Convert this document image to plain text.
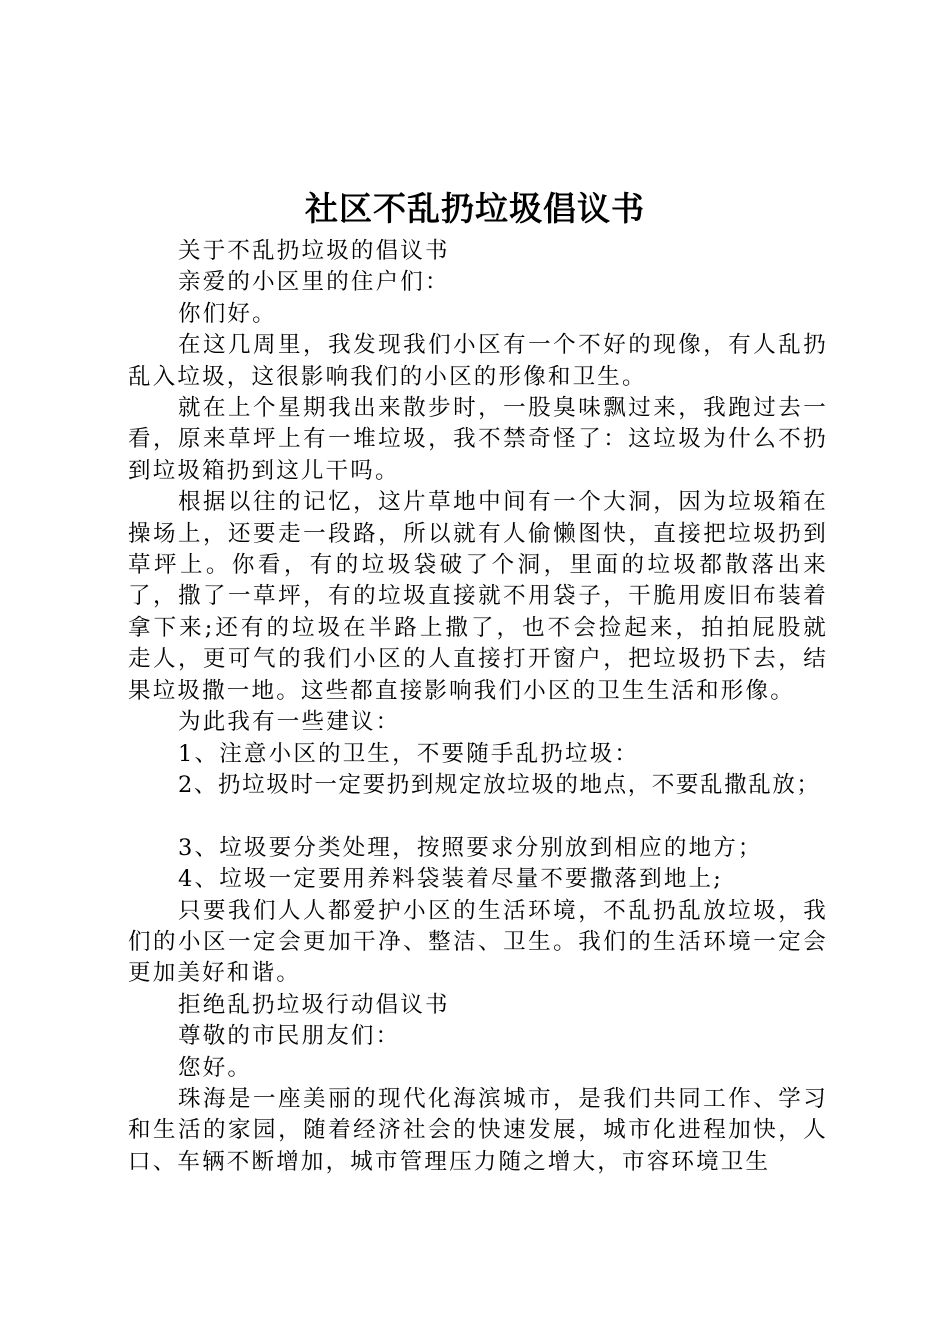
社区不乱扔垃圾倡议书

关于不乱扔垃圾的倡议书

亲爱的小区里的住户们：

你们好。

在这几周里，我发现我们小区有一个不好的现像，有人乱扔乱入垃圾，这很影响我们的小区的形像和卫生。

就在上个星期我出来散步时，一股臭味飘过来，我跑过去一看，原来草坪上有一堆垃圾，我不禁奇怪了：这垃圾为什么不扔到垃圾箱扔到这儿干吗。

根据以往的记忆，这片草地中间有一个大洞，因为垃圾箱在操场上，还要走一段路，所以就有人偷懒图快，直接把垃圾扔到草坪上。你看，有的垃圾袋破了个洞，里面的垃圾都散落出来了，撒了一草坪，有的垃圾直接就不用袋子，干脆用废旧布装着拿下来;还有的垃圾在半路上撒了，也不会捡起来，拍拍屁股就走人，更可气的我们小区的人直接打开窗户，把垃圾扔下去，结果垃圾撒一地。这些都直接影响我们小区的卫生生活和形像。

为此我有一些建议：

1、注意小区的卫生，不要随手乱扔垃圾：

2、扔垃圾时一定要扔到规定放垃圾的地点，不要乱撒乱放；

3、垃圾要分类处理，按照要求分别放到相应的地方；

4、垃圾一定要用养料袋装着尽量不要撒落到地上;

只要我们人人都爱护小区的生活环境，不乱扔乱放垃圾，我们的小区一定会更加干净、整洁、卫生。我们的生活环境一定会更加美好和谐。

拒绝乱扔垃圾行动倡议书

尊敬的市民朋友们：

您好。

珠海是一座美丽的现代化海滨城市，是我们共同工作、学习和生活的家园，随着经济社会的快速发展，城市化进程加快，人口、车辆不断增加，城市管理压力随之增大，市容环境卫生
